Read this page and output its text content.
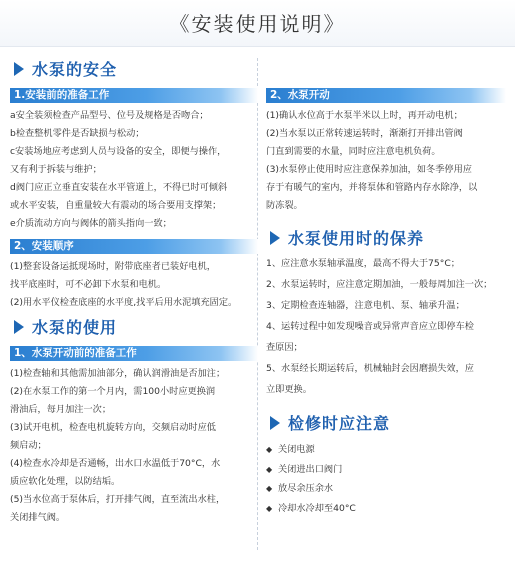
《安装使用说明》
水泵的安全
1.安装前的准备工作
a安全装须检查产品型号、位号及规格是否吻合；
b检查整机零件是否缺损与松动；
c安装场地应考虑到人员与设备的安全，即便与操作，
又有利于拆装与维护；
d阀门应正立垂直安装在水平管道上，不得已时可倾斜
或水平安装，自重量较大有震动的场合要用支撑架；
e介质流动方向与阀体的箭头指向一致；
2、安装顺序
(1)整套设备运抵现场时，附带底座者已装好电机，
找平底座时，可不必卸下水泵和电机。
(2)用水平仪检查底座的水平度,找平后用水泥填充固定。
水泵的使用
1、水泵开动前的准备工作
(1)检查轴和其他需加油部分，确认润滑油是否加注；
(2)在水泵工作的第一个月内，需100小时应更换润
滑油后，每月加注一次；
(3)试开电机，检查电机旋转方向，交频启动时应低
频启动；
(4)检查水冷却是否通畅，出水口水温低于70°C，水
质应软化处理，以防结垢。
(5)当水位高于泵体后，打开排气阀，直至流出水柱，
关闭排气阀。
2、水泵开动
(1)确认水位高于水泵半米以上时，再开动电机；
(2)当水泵以正常转速运转时，渐渐打开排出管阀
门直到需要的水量，同时应注意电机负荷。
(3)水泵停止使用时应注意保养加油，如冬季停用应
存于有暖气的室内，并将泵体和管路内存水除净，以
防冻裂。
水泵使用时的保养
1、应注意水泵轴承温度，最高不得大于75°C；
2、水泵运转时，应注意定期加油，一般每周加注一次；
3、定期检查连轴器，注意电机、泵、轴承升温；
4、运转过程中如发现噪音或异常声音应立即停车检
查原因；
5、水泵经长期运转后，机械轴封会因磨损失效，应
立即更换。
检修时应注意
◆ 关闭电源
◆ 关闭进出口阀门
◆ 放尽余压余水
◆ 冷却水冷却至40°C
